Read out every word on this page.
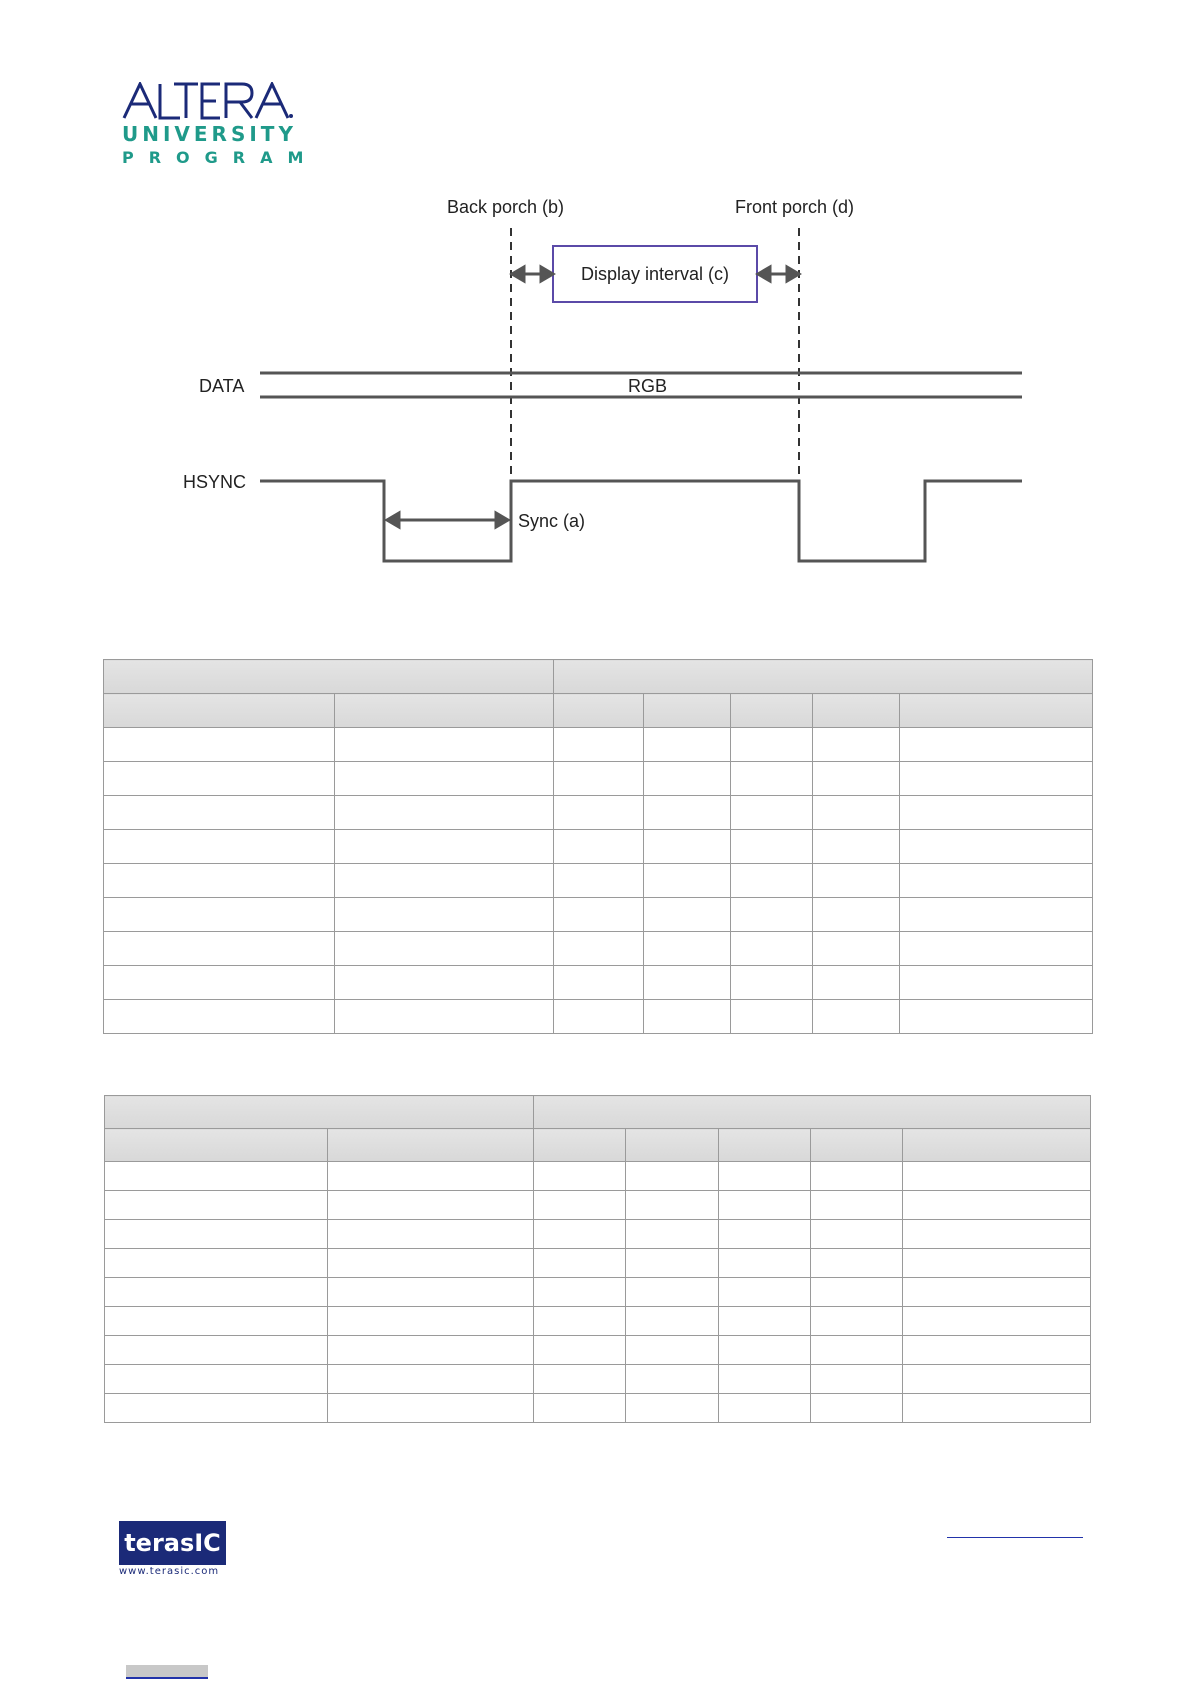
UNIVERSITY
PROGRAM
Back porch (b)	Front porch (d)
Display interval (c)
DATA	RGB
HSYNC
Sync (a)

terasIC
www.terasic.com
